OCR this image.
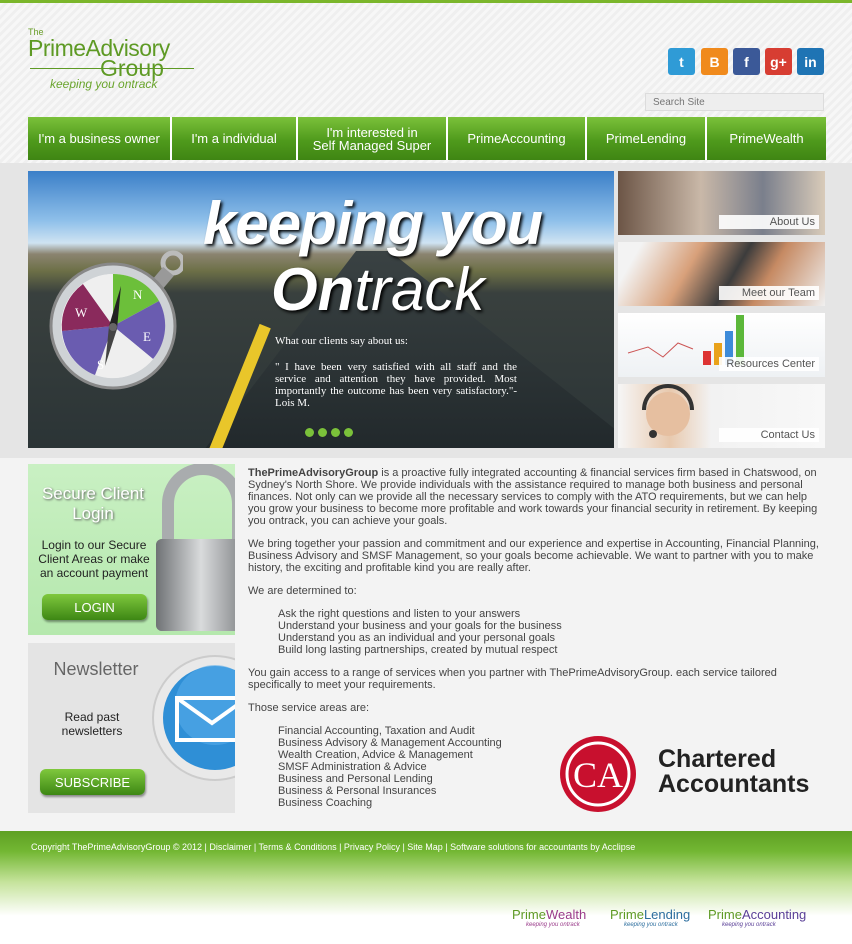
The
PrimeAdvisory
Group
keeping you ontrack
t B f g+ in
Search Site
I'm a business owner I'm a individual	I'm interested in
Self Managed Super	PrimeAccounting	PrimeLending	PrimeWealth
N
E
S
W
keeping you
Ontrack
What our clients say about us:
" I have been very satisfied with all staff and the service and attention they have provided. Most importantly the outcome has been very satisfactory."- Lois M.
About Us
Meet our Team
Resources Center
Contact Us
Secure Client
Login
Login to our Secure Client Areas or make an account payment
LOGIN
Newsletter
Read past newsletters
SUBSCRIBE

ThePrimeAdvisoryGroup is a proactive fully integrated accounting & financial services firm based in Chatswood, on Sydney's North Shore. We provide individuals with the assistance required to manage both business and personal finances. Not only can we provide all the necessary services to comply with the ATO requirements, but we can help you grow your business to become more profitable and work towards your financial security in retirement. By keeping you ontrack, you can achieve your goals.

We bring together your passion and commitment and our experience and expertise in Accounting, Financial Planning, Business Advisory and SMSF Management, so your goals become achievable. We want to partner with you to make history, the exciting and profitable kind you are really after.

We are determined to:

Ask the right questions and listen to your answers
Understand your business and your goals for the business
Understand you as an individual and your personal goals
Build long lasting partnerships, created by mutual respect

You gain access to a range of services when you partner with ThePrimeAdvisoryGroup. each service tailored specifically to meet your requirements.

Those service areas are:

Financial Accounting, Taxation and Audit
Business Advisory & Management Accounting
Wealth Creation, Advice & Management
SMSF Administration & Advice
Business and Personal Lending
Business & Personal Insurances
Business Coaching
CA Chartered
Accountants
Copyright ThePrimeAdvisoryGroup © 2012 | Disclaimer | Terms & Conditions | Privacy Policy | Site Map | Software solutions for accountants by Acclipse
PrimeWealth
keeping you ontrack
PrimeLending
keeping you ontrack
PrimeAccounting
keeping you ontrack
